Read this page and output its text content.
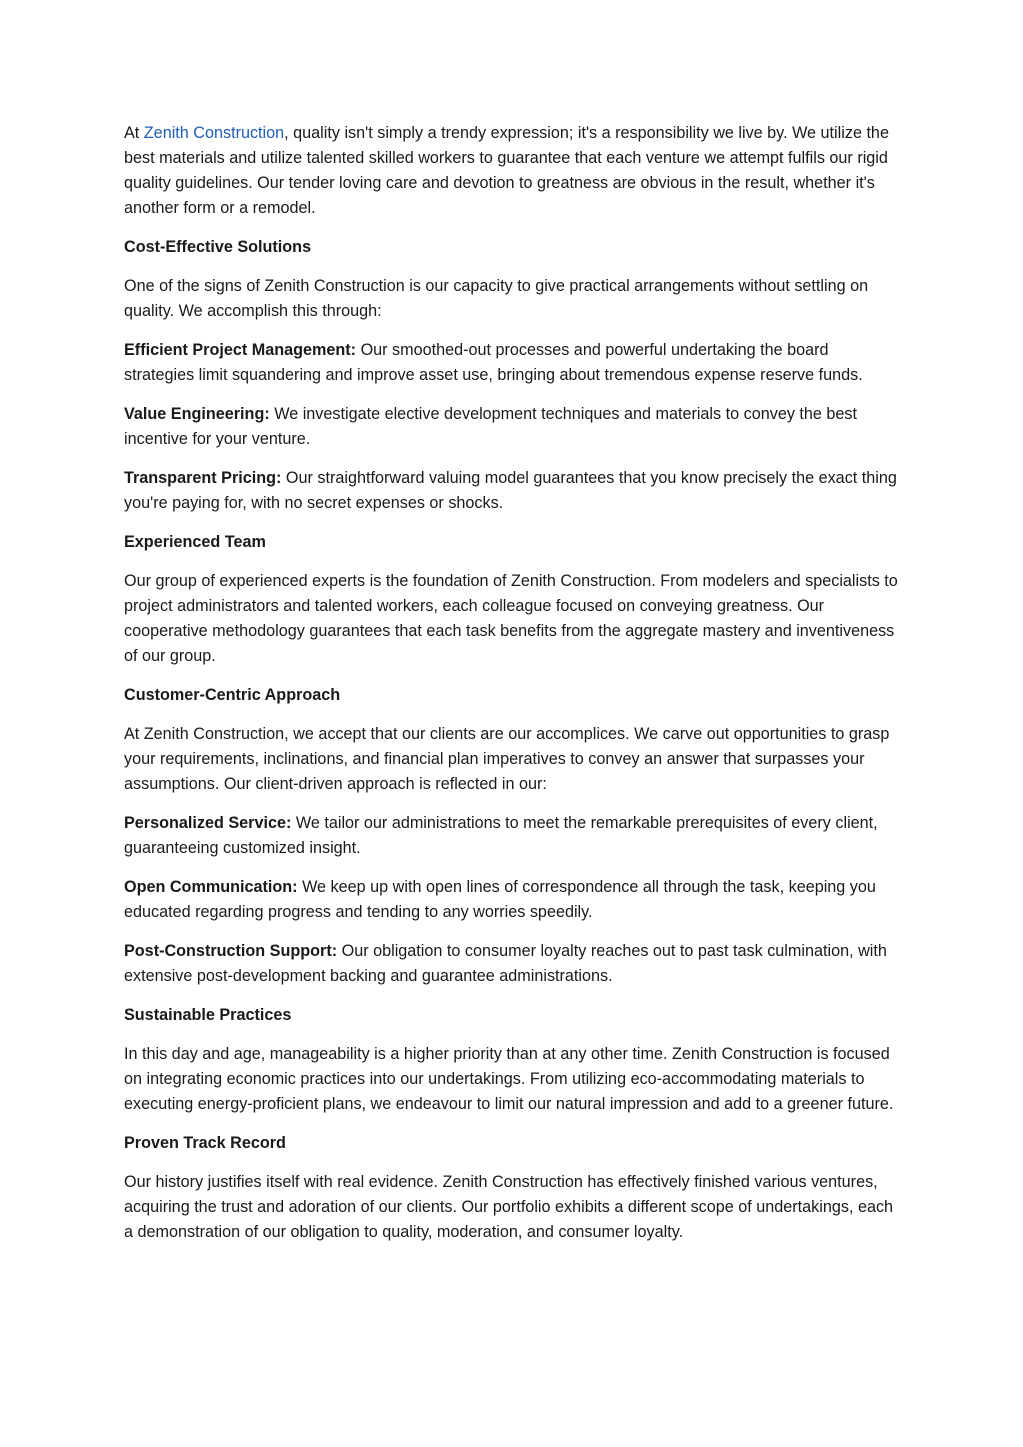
At Zenith Construction, quality isn't simply a trendy expression; it's a responsibility we live by. We utilize the best materials and utilize talented skilled workers to guarantee that each venture we attempt fulfils our rigid quality guidelines. Our tender loving care and devotion to greatness are obvious in the result, whether it's another form or a remodel.

Cost-Effective Solutions

One of the signs of Zenith Construction is our capacity to give practical arrangements without settling on quality. We accomplish this through:

Efficient Project Management: Our smoothed-out processes and powerful undertaking the board strategies limit squandering and improve asset use, bringing about tremendous expense reserve funds.

Value Engineering: We investigate elective development techniques and materials to convey the best incentive for your venture.

Transparent Pricing: Our straightforward valuing model guarantees that you know precisely the exact thing you're paying for, with no secret expenses or shocks.

Experienced Team

Our group of experienced experts is the foundation of Zenith Construction. From modelers and specialists to project administrators and talented workers, each colleague focused on conveying greatness. Our cooperative methodology guarantees that each task benefits from the aggregate mastery and inventiveness of our group.

Customer-Centric Approach

At Zenith Construction, we accept that our clients are our accomplices. We carve out opportunities to grasp your requirements, inclinations, and financial plan imperatives to convey an answer that surpasses your assumptions. Our client-driven approach is reflected in our:

Personalized Service: We tailor our administrations to meet the remarkable prerequisites of every client, guaranteeing customized insight.

Open Communication: We keep up with open lines of correspondence all through the task, keeping you educated regarding progress and tending to any worries speedily.

Post-Construction Support: Our obligation to consumer loyalty reaches out to past task culmination, with extensive post-development backing and guarantee administrations.

Sustainable Practices

In this day and age, manageability is a higher priority than at any other time. Zenith Construction is focused on integrating economic practices into our undertakings. From utilizing eco-accommodating materials to executing energy-proficient plans, we endeavour to limit our natural impression and add to a greener future.

Proven Track Record

Our history justifies itself with real evidence. Zenith Construction has effectively finished various ventures, acquiring the trust and adoration of our clients. Our portfolio exhibits a different scope of undertakings, each a demonstration of our obligation to quality, moderation, and consumer loyalty.
